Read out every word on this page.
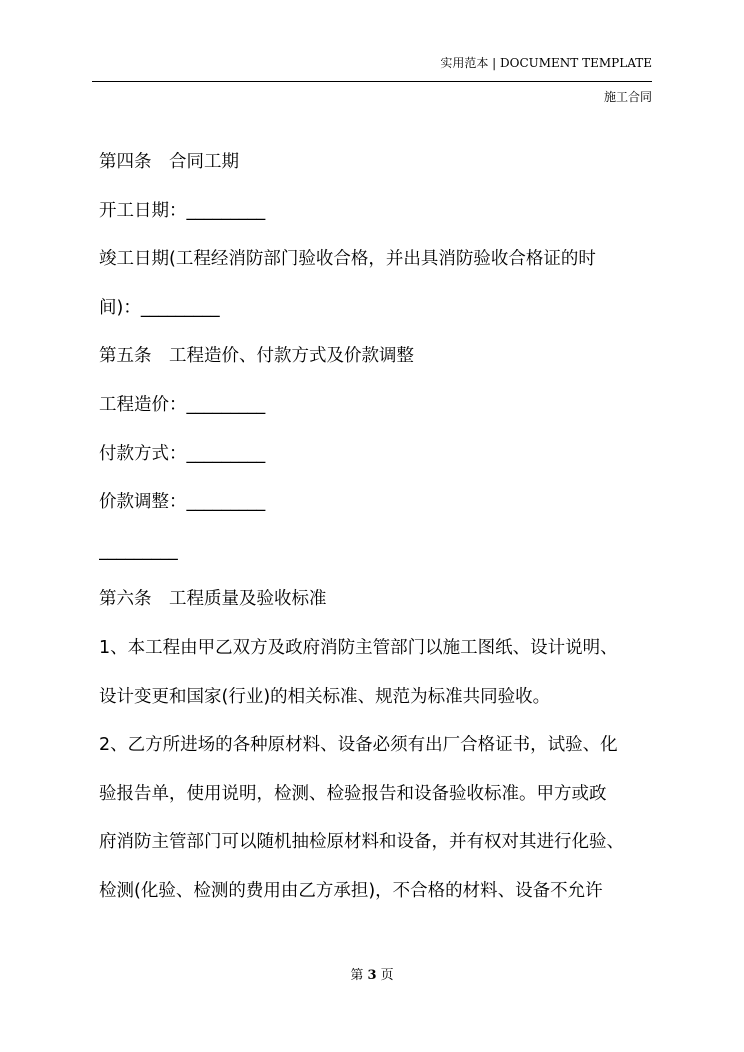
实用范本 | DOCUMENT TEMPLATE
施工合同

第四条　合同工期

开工日期：_________

竣工日期(工程经消防部门验收合格，并出具消防验收合格证的时

间)：_________

第五条　工程造价、付款方式及价款调整

工程造价：_________

付款方式：_________

价款调整：_________

_________

第六条　工程质量及验收标准

1、本工程由甲乙双方及政府消防主管部门以施工图纸、设计说明、

设计变更和国家(行业)的相关标准、规范为标准共同验收。

2、乙方所进场的各种原材料、设备必须有出厂合格证书，试验、化

验报告单，使用说明，检测、检验报告和设备验收标准。甲方或政

府消防主管部门可以随机抽检原材料和设备，并有权对其进行化验、

检测(化验、检测的费用由乙方承担)，不合格的材料、设备不允许

第 3 页
